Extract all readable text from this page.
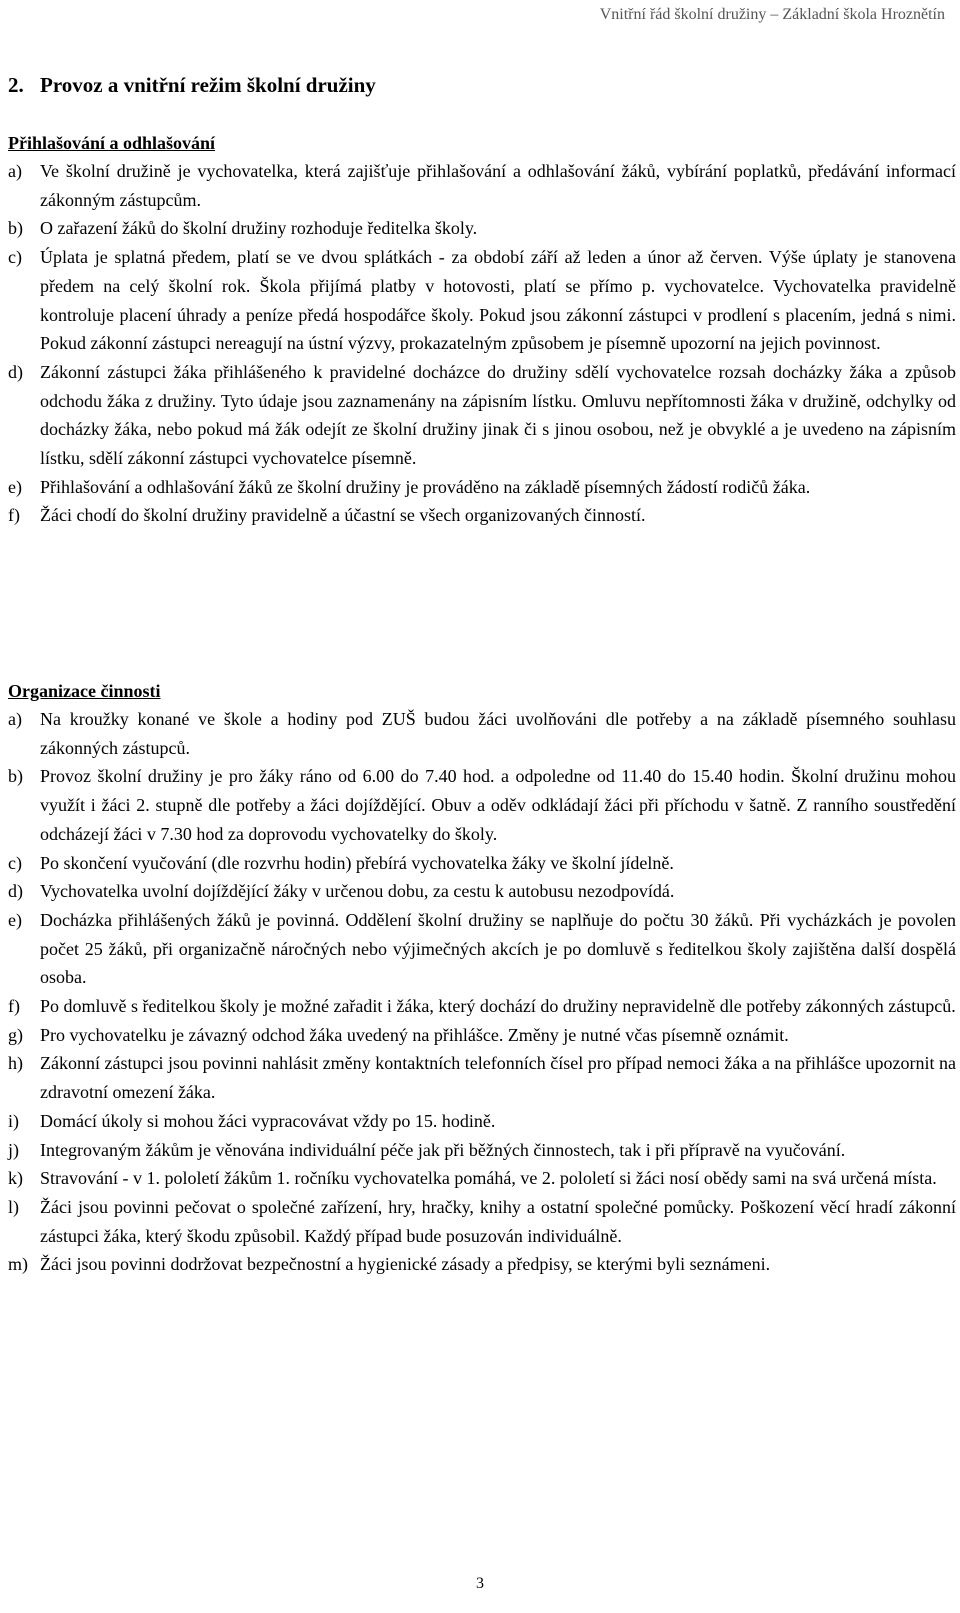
Vnitřní řád školní družiny – Základní škola Hroznětín
2. Provoz a vnitřní režim školní družiny
Přihlašování a odhlašování
a)	Ve školní družině je vychovatelka, která zajišťuje přihlašování a odhlašování žáků, vybírání poplatků, předávání informací zákonným zástupcům.
b) O zařazení žáků do školní družiny rozhoduje ředitelka školy.
c)	Úplata je splatná předem, platí se ve dvou splátkách - za období září až leden a únor až červen. Výše úplaty je stanovena předem na celý školní rok. Škola přijímá platby v hotovosti, platí se přímo p. vychovatelce. Vychovatelka pravidelně kontroluje placení úhrady a peníze předá hospodářce školy. Pokud jsou zákonní zástupci v prodlení s placením, jedná s nimi. Pokud zákonní zástupci nereagují na ústní výzvy, prokazatelným způsobem je písemně upozorní na jejich povinnost.
d) Zákonní zástupci žáka přihlášeného k pravidelné docházce do družiny sdělí vychovatelce rozsah docházky žáka a způsob odchodu žáka z družiny. Tyto údaje jsou zaznamenány na zápisním lístku. Omluvu nepřítomnosti žáka v družině, odchylky od docházky žáka, nebo pokud má žák odejít ze školní družiny jinak či s jinou osobou, než je obvyklé a je uvedeno na zápisním lístku, sdělí zákonní zástupci vychovatelce písemně.
e)	Přihlašování a odhlašování žáků ze školní družiny je prováděno na základě písemných žádostí rodičů žáka.
f)	Žáci chodí do školní družiny pravidelně a účastní se všech organizovaných činností.
Organizace činnosti
a)	Na kroužky konané ve škole a hodiny pod ZUŠ budou žáci uvolňováni dle potřeby a na základě písemného souhlasu zákonných zástupců.
b) Provoz školní družiny je pro žáky ráno od 6.00 do 7.40 hod. a odpoledne od 11.40 do 15.40 hodin. Školní družinu mohou využít i žáci 2. stupně dle potřeby a žáci dojíždějící. Obuv a oděv odkládají žáci při příchodu v šatně. Z ranního soustředění odcházejí žáci v 7.30 hod za doprovodu vychovatelky do školy.
c)	Po skončení vyučování (dle rozvrhu hodin) přebírá vychovatelka žáky ve školní jídelně.
d) Vychovatelka uvolní dojíždějící žáky v určenou dobu, za cestu k autobusu nezodpovídá.
e)	Docházka přihlášených žáků je povinná. Oddělení školní družiny se naplňuje do počtu 30 žáků. Při vycházkách je povolen počet 25 žáků, při organizačně náročných nebo výjimečných akcích je po domluvě s ředitelkou školy zajištěna další dospělá osoba.
f)	Po domluvě s ředitelkou školy je možné zařadit i žáka, který dochází do družiny nepravidelně dle potřeby zákonných zástupců.
g) Pro vychovatelku je závazný odchod žáka uvedený na přihlášce. Změny je nutné včas písemně oznámit.
h) Zákonní zástupci jsou povinni nahlásit změny kontaktních telefonních čísel pro případ nemoci žáka a na přihlášce upozornit na zdravotní omezení žáka.
i)	Domácí úkoly si mohou žáci vypracovávat vždy po 15. hodině.
j)	Integrovaným žákům je věnována individuální péče jak při běžných činnostech, tak i při přípravě na vyučování.
k) Stravování - v 1. pololetí žákům 1. ročníku vychovatelka pomáhá, ve 2. pololetí si žáci nosí obědy sami na svá určená místa.
l)	Žáci jsou povinni pečovat o společné zařízení, hry, hračky, knihy a ostatní společné pomůcky. Poškození věcí hradí zákonní zástupci žáka, který škodu způsobil. Každý případ bude posuzován individuálně.
m) Žáci jsou povinni dodržovat bezpečnostní a hygienické zásady a předpisy, se kterými byli seznámeni.
3
